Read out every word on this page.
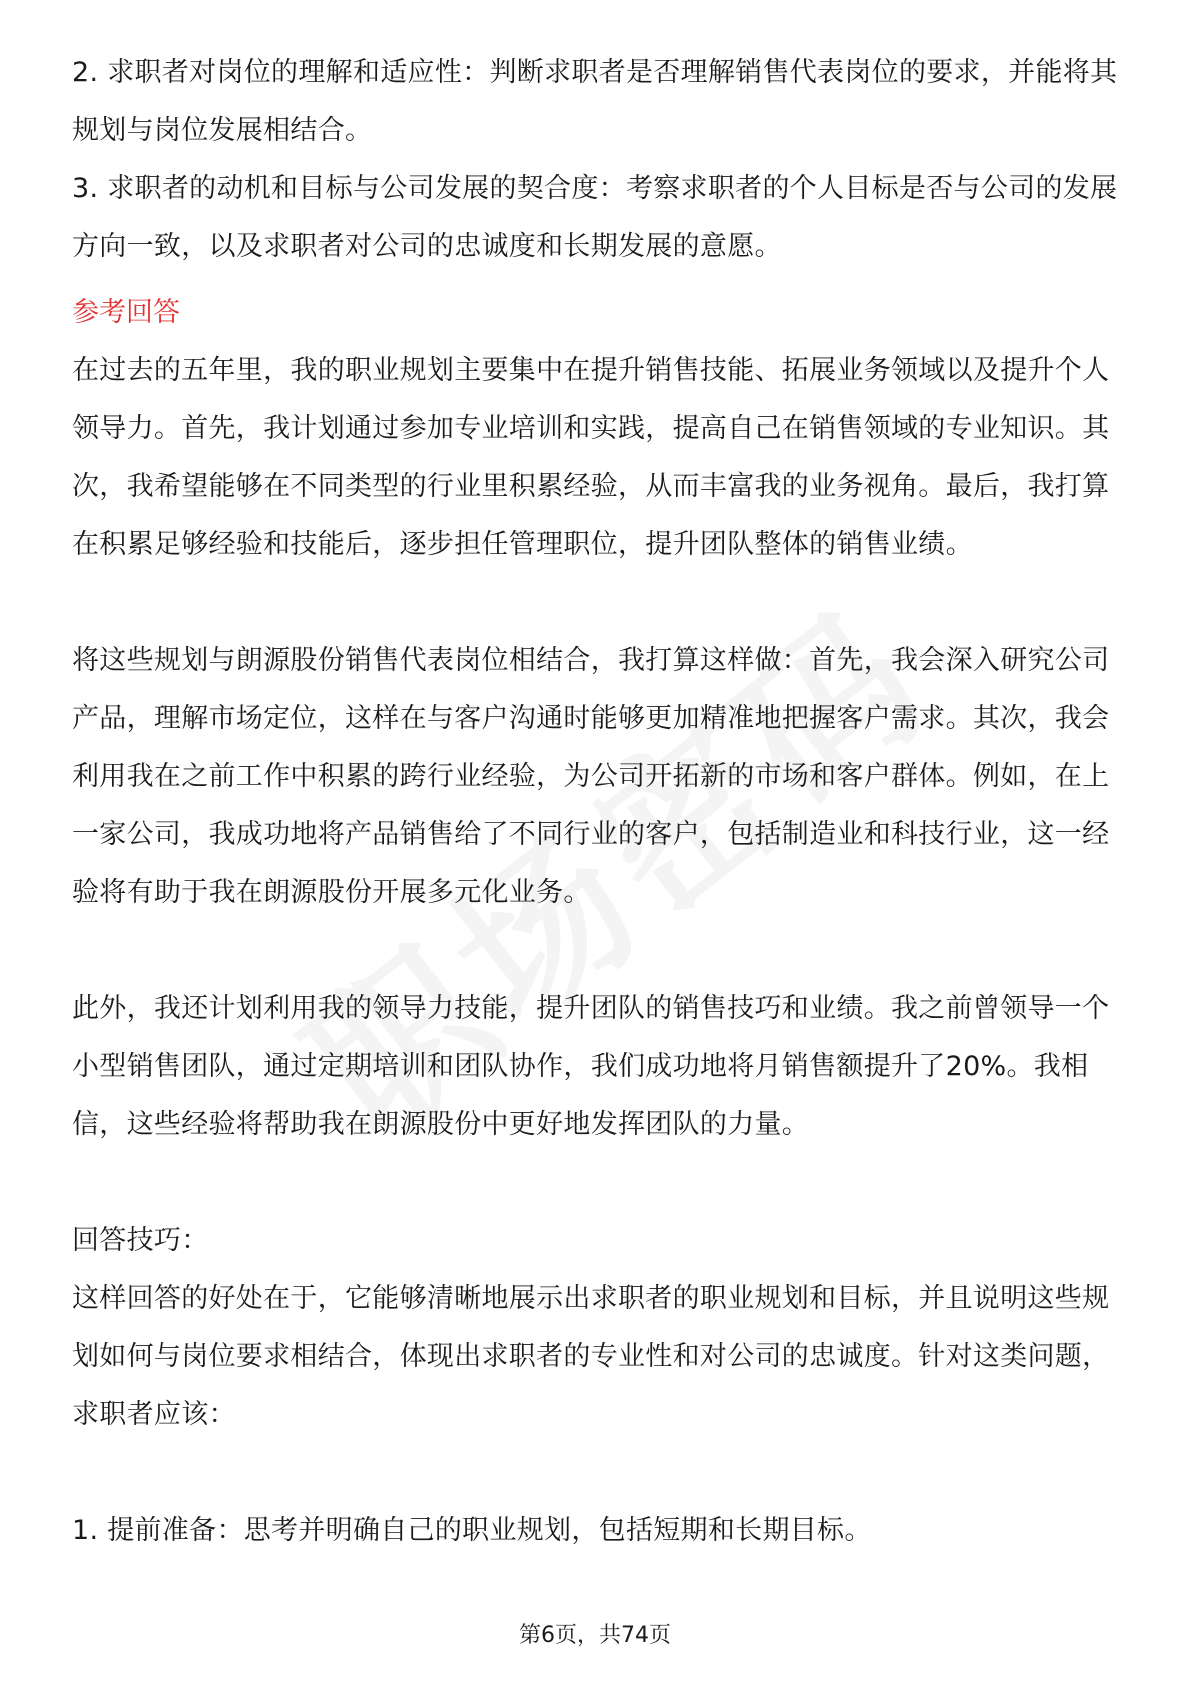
2. 求职者对岗位的理解和适应性：判断求职者是否理解销售代表岗位的要求，并能将其规划与岗位发展相结合。

3. 求职者的动机和目标与公司发展的契合度：考察求职者的个人目标是否与公司的发展方向一致，以及求职者对公司的忠诚度和长期发展的意愿。

参考回答

在过去的五年里，我的职业规划主要集中在提升销售技能、拓展业务领域以及提升个人领导力。首先，我计划通过参加专业培训和实践，提高自己在销售领域的专业知识。其次，我希望能够在不同类型的行业里积累经验，从而丰富我的业务视角。最后，我打算在积累足够经验和技能后，逐步担任管理职位，提升团队整体的销售业绩。

将这些规划与朗源股份销售代表岗位相结合，我打算这样做：首先，我会深入研究公司产品，理解市场定位，这样在与客户沟通时能够更加精准地把握客户需求。其次，我会利用我在之前工作中积累的跨行业经验，为公司开拓新的市场和客户群体。例如，在上一家公司，我成功地将产品销售给了不同行业的客户，包括制造业和科技行业，这一经验将有助于我在朗源股份开展多元化业务。

此外，我还计划利用我的领导力技能，提升团队的销售技巧和业绩。我之前曾领导一个小型销售团队，通过定期培训和团队协作，我们成功地将月销售额提升了20%。我相信，这些经验将帮助我在朗源股份中更好地发挥团队的力量。

回答技巧：

这样回答的好处在于，它能够清晰地展示出求职者的职业规划和目标，并且说明这些规划如何与岗位要求相结合，体现出求职者的专业性和对公司的忠诚度。针对这类问题，求职者应该：

1. 提前准备：思考并明确自己的职业规划，包括短期和长期目标。

第6页，共74页
